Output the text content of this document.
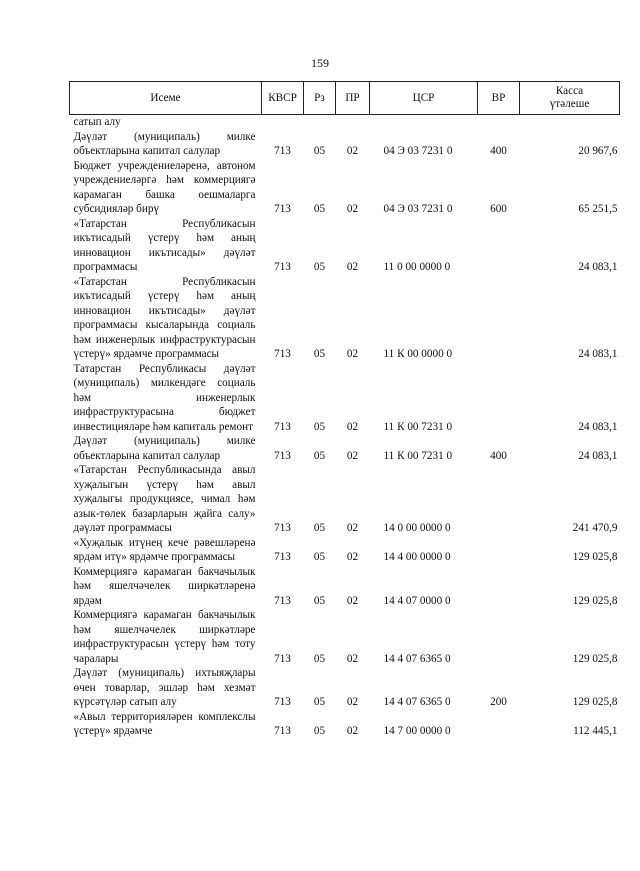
159
Исеме	КВСР	Рз	ПР	ЦСР	ВР	Касса
үтәлеше

сатып алу						
Дәүләт (муниципаль) милке объектларына капитал салулар	713	05	02	04 Э 03 7231 0	400	20 967,6
Бюджет учреждениеләренә, автоном учреждениеләргә һәм коммерциягә карамаган башка оешмаларга субсидияләр бирү	713	05	02	04 Э 03 7231 0	600	65 251,5
«Татарстан Республикасын икътисадый үстерү һәм аның инновацион икътисады» дәүләт программасы	713	05	02	11 0 00 0000 0		24 083,1
«Татарстан Республикасын икътисадый үстерү һәм аның инновацион икътисады» дәүләт программасы кысаларында социаль һәм инженерлык инфраструктурасын үстерү» ярдәмче программасы	713	05	02	11 К 00 0000 0		24 083,1
Татарстан Республикасы дәүләт (муниципаль) милкендәге социаль һәм инженерлык инфраструктурасына бюджет инвестицияләре һәм капиталь ремонт	713	05	02	11 К 00 7231 0		24 083,1
Дәүләт (муниципаль) милке объектларына капитал салулар	713	05	02	11 К 00 7231 0	400	24 083,1
«Татарстан Республикасында авыл хуҗалыгын үстерү һәм авыл хуҗалыгы продукциясе, чимал һәм азык-төлек базарларын җайга салу» дәүләт программасы	713	05	02	14 0 00 0000 0		241 470,9
«Хуҗалык итүнең кече рәвешләренә ярдәм итү» ярдәмче программасы	713	05	02	14 4 00 0000 0		129 025,8
Коммерциягә карамаган бакчачылык һәм яшелчәчелек ширкәтләренә ярдәм	713	05	02	14 4 07 0000 0		129 025,8
Коммерциягә карамаган бакчачылык һәм яшелчәчелек ширкәтләре инфраструктурасын үстерү һәм тоту чаралары	713	05	02	14 4 07 6365 0		129 025,8
Дәүләт (муниципаль) ихтыяҗлары өчен товарлар, эшләр һәм хезмәт күрсәтүләр сатып алу	713	05	02	14 4 07 6365 0	200	129 025,8
«Авыл территорияләрен комплекслы үстерү» ярдәмче	713	05	02	14 7 00 0000 0		112 445,1
